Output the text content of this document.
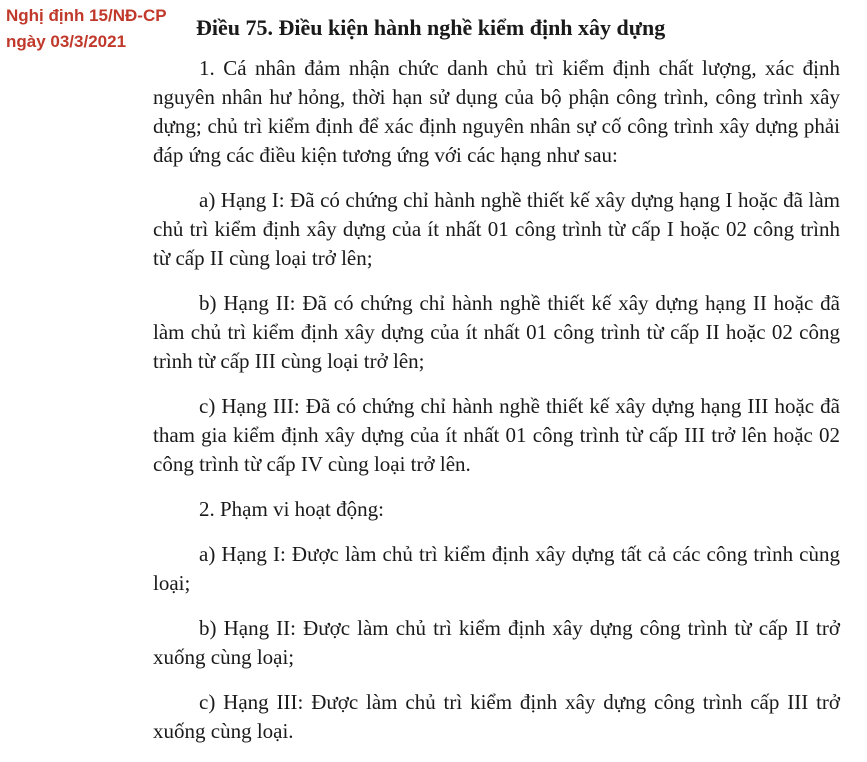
Nghị định 15/NĐ-CP
ngày 03/3/2021
Điều 75. Điều kiện hành nghề kiểm định xây dựng

1. Cá nhân đảm nhận chức danh chủ trì kiểm định chất lượng, xác định nguyên nhân hư hỏng, thời hạn sử dụng của bộ phận công trình, công trình xây dựng; chủ trì kiểm định để xác định nguyên nhân sự cố công trình xây dựng phải đáp ứng các điều kiện tương ứng với các hạng như sau:

a) Hạng I: Đã có chứng chỉ hành nghề thiết kế xây dựng hạng I hoặc đã làm chủ trì kiểm định xây dựng của ít nhất 01 công trình từ cấp I hoặc 02 công trình từ cấp II cùng loại trở lên;

b) Hạng II: Đã có chứng chỉ hành nghề thiết kế xây dựng hạng II hoặc đã làm chủ trì kiểm định xây dựng của ít nhất 01 công trình từ cấp II hoặc 02 công trình từ cấp III cùng loại trở lên;

c) Hạng III: Đã có chứng chỉ hành nghề thiết kế xây dựng hạng III hoặc đã tham gia kiểm định xây dựng của ít nhất 01 công trình từ cấp III trở lên hoặc 02 công trình từ cấp IV cùng loại trở lên.

2. Phạm vi hoạt động:

a) Hạng I: Được làm chủ trì kiểm định xây dựng tất cả các công trình cùng loại;

b) Hạng II: Được làm chủ trì kiểm định xây dựng công trình từ cấp II trở xuống cùng loại;

c) Hạng III: Được làm chủ trì kiểm định xây dựng công trình cấp III trở xuống cùng loại.
